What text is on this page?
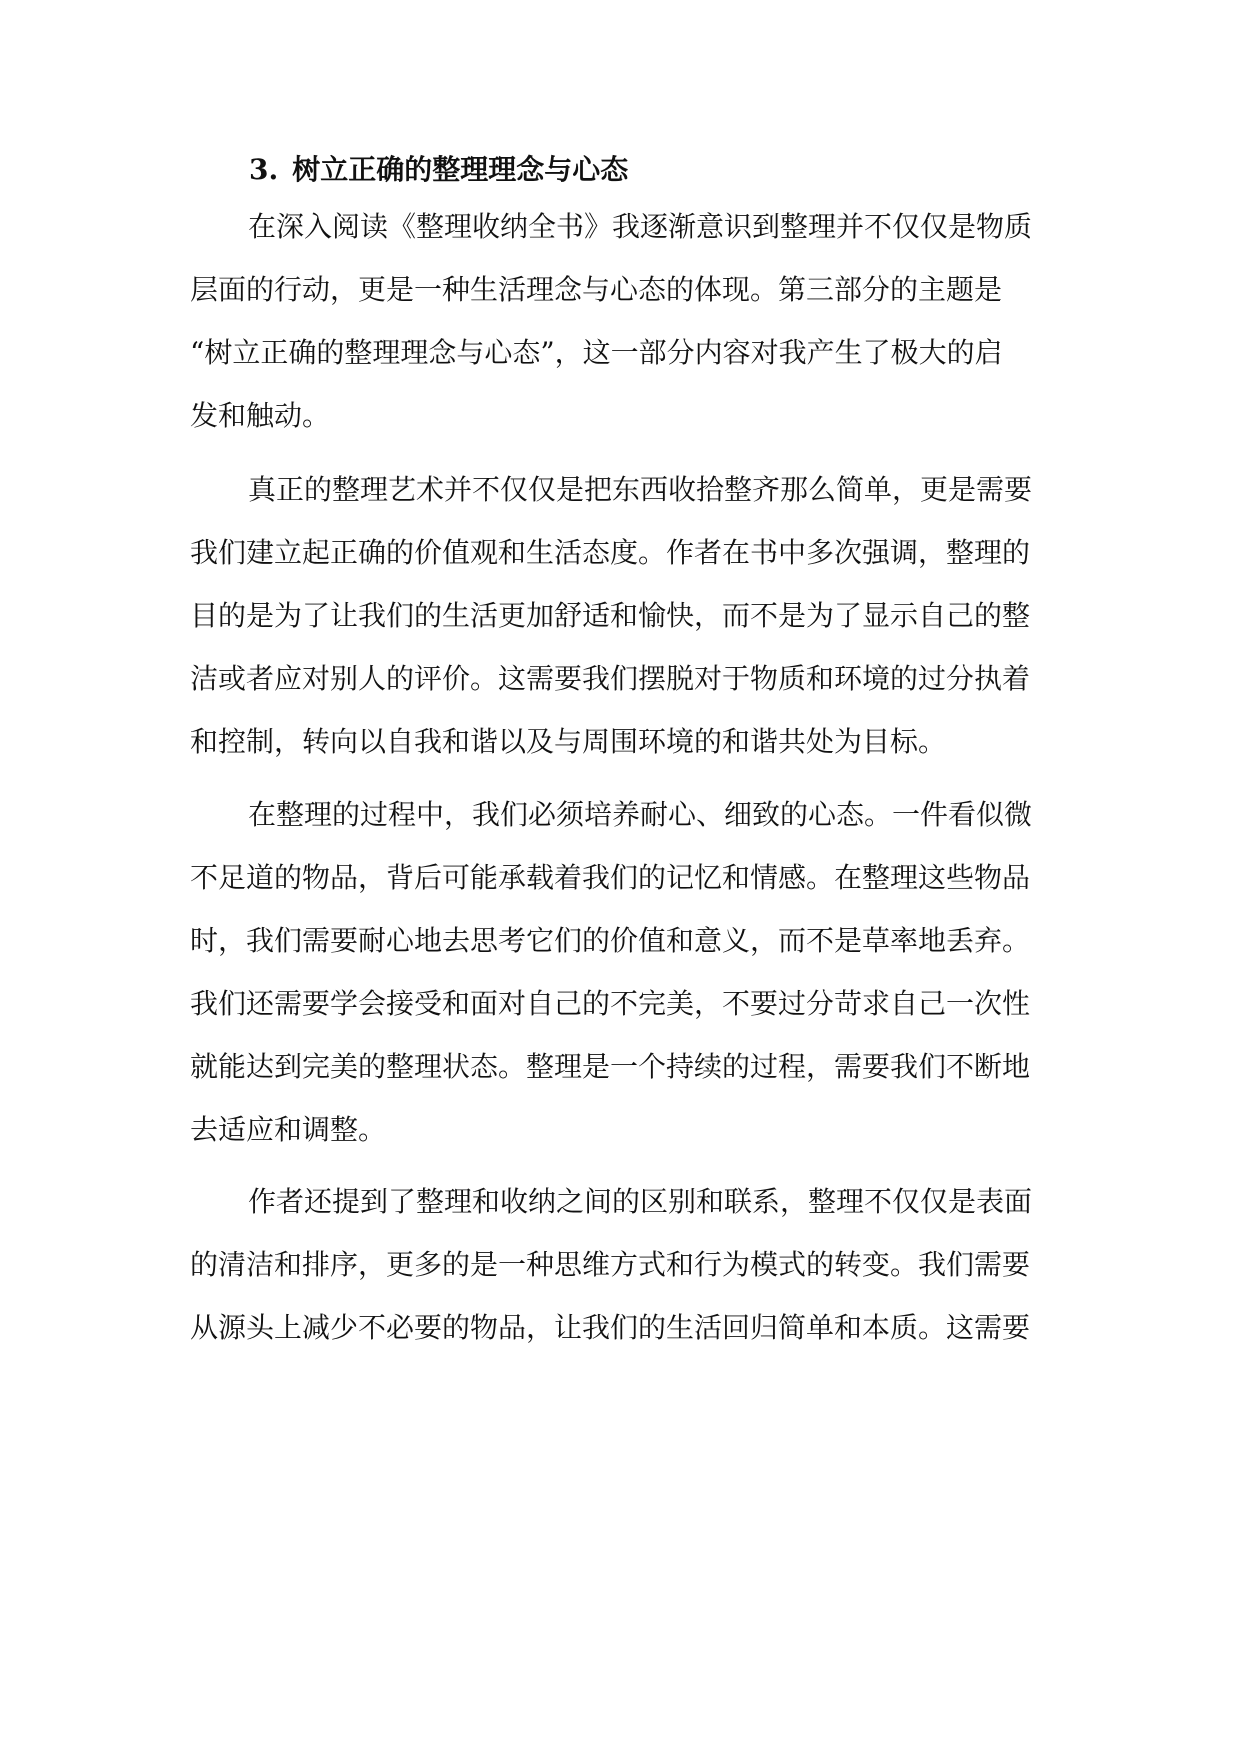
3. 树立正确的整理理念与心态
在深入阅读《整理收纳全书》我逐渐意识到整理并不仅仅是物质
层面的行动，更是一种生活理念与心态的体现。第三部分的主题是
“树立正确的整理理念与心态”，这一部分内容对我产生了极大的启
发和触动。
真正的整理艺术并不仅仅是把东西收拾整齐那么简单，更是需要
我们建立起正确的价值观和生活态度。作者在书中多次强调，整理的
目的是为了让我们的生活更加舒适和愉快，而不是为了显示自己的整
洁或者应对别人的评价。这需要我们摆脱对于物质和环境的过分执着
和控制，转向以自我和谐以及与周围环境的和谐共处为目标。
在整理的过程中，我们必须培养耐心、细致的心态。一件看似微
不足道的物品，背后可能承载着我们的记忆和情感。在整理这些物品
时，我们需要耐心地去思考它们的价值和意义，而不是草率地丢弃。
我们还需要学会接受和面对自己的不完美，不要过分苛求自己一次性
就能达到完美的整理状态。整理是一个持续的过程，需要我们不断地
去适应和调整。
作者还提到了整理和收纳之间的区别和联系，整理不仅仅是表面
的清洁和排序，更多的是一种思维方式和行为模式的转变。我们需要
从源头上减少不必要的物品，让我们的生活回归简单和本质。这需要
